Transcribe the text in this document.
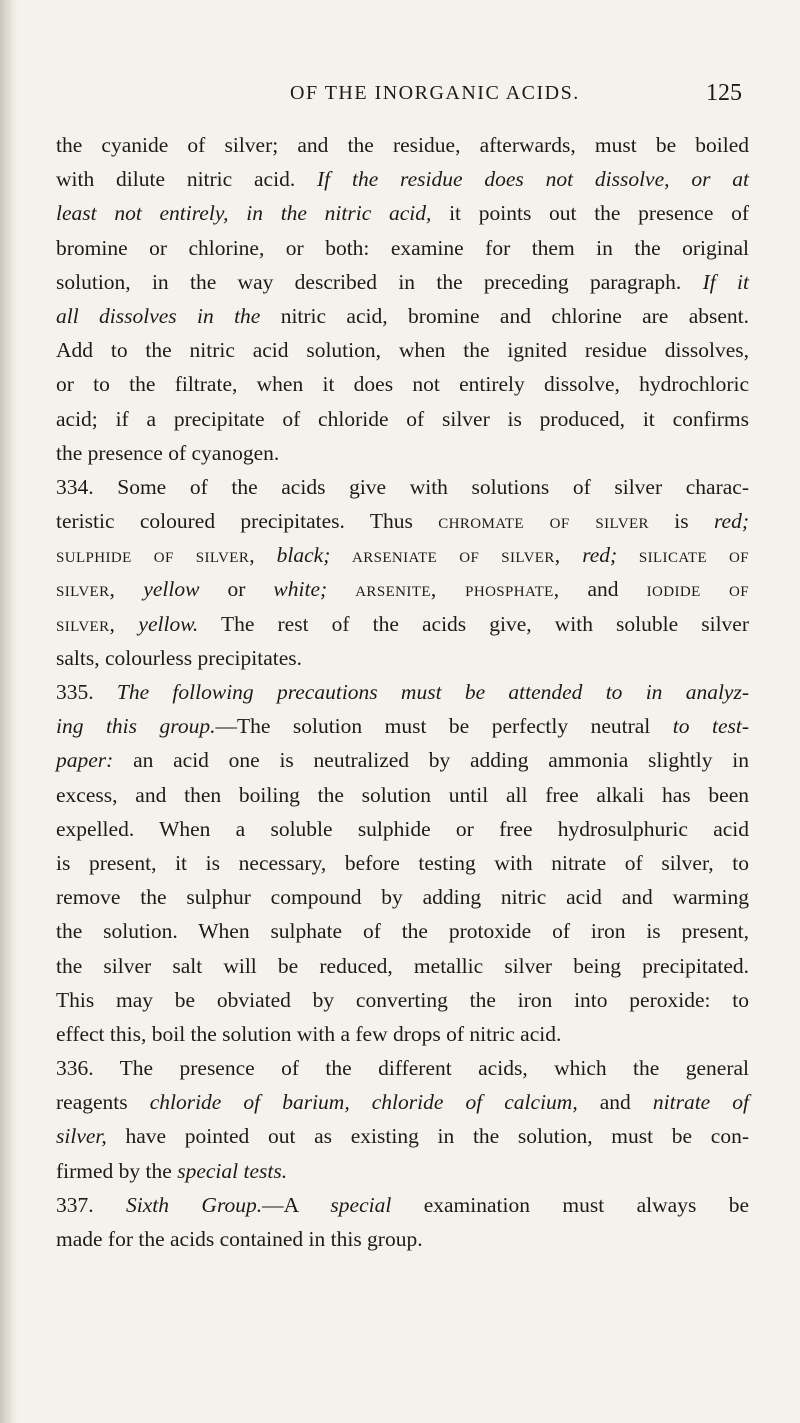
OF THE INORGANIC ACIDS.	125
the cyanide of silver; and the residue, afterwards, must be boiled
with dilute nitric acid. If the residue does not dissolve, or at
least not entirely, in the nitric acid, it points out the presence of
bromine or chlorine, or both: examine for them in the original
solution, in the way described in the preceding paragraph. If it
all dissolves in the nitric acid, bromine and chlorine are absent.
Add to the nitric acid solution, when the ignited residue dissolves,
or to the filtrate, when it does not entirely dissolve, hydrochloric
acid; if a precipitate of chloride of silver is produced, it confirms
the presence of cyanogen.
334. Some of the acids give with solutions of silver charac-
teristic coloured precipitates. Thus chromate of silver is red;
sulphide of silver, black; arseniate of silver, red; silicate of
silver, yellow or white; arsenite, phosphate, and iodide of
silver, yellow. The rest of the acids give, with soluble silver
salts, colourless precipitates.
335. The following precautions must be attended to in analyz-
ing this group.—The solution must be perfectly neutral to test-
paper: an acid one is neutralized by adding ammonia slightly in
excess, and then boiling the solution until all free alkali has been
expelled. When a soluble sulphide or free hydrosulphuric acid
is present, it is necessary, before testing with nitrate of silver, to
remove the sulphur compound by adding nitric acid and warming
the solution. When sulphate of the protoxide of iron is present,
the silver salt will be reduced, metallic silver being precipitated.
This may be obviated by converting the iron into peroxide: to
effect this, boil the solution with a few drops of nitric acid.
336. The presence of the different acids, which the general
reagents chloride of barium, chloride of calcium, and nitrate of
silver, have pointed out as existing in the solution, must be con-
firmed by the special tests.
337. Sixth Group.—A special examination must always be
made for the acids contained in this group.
